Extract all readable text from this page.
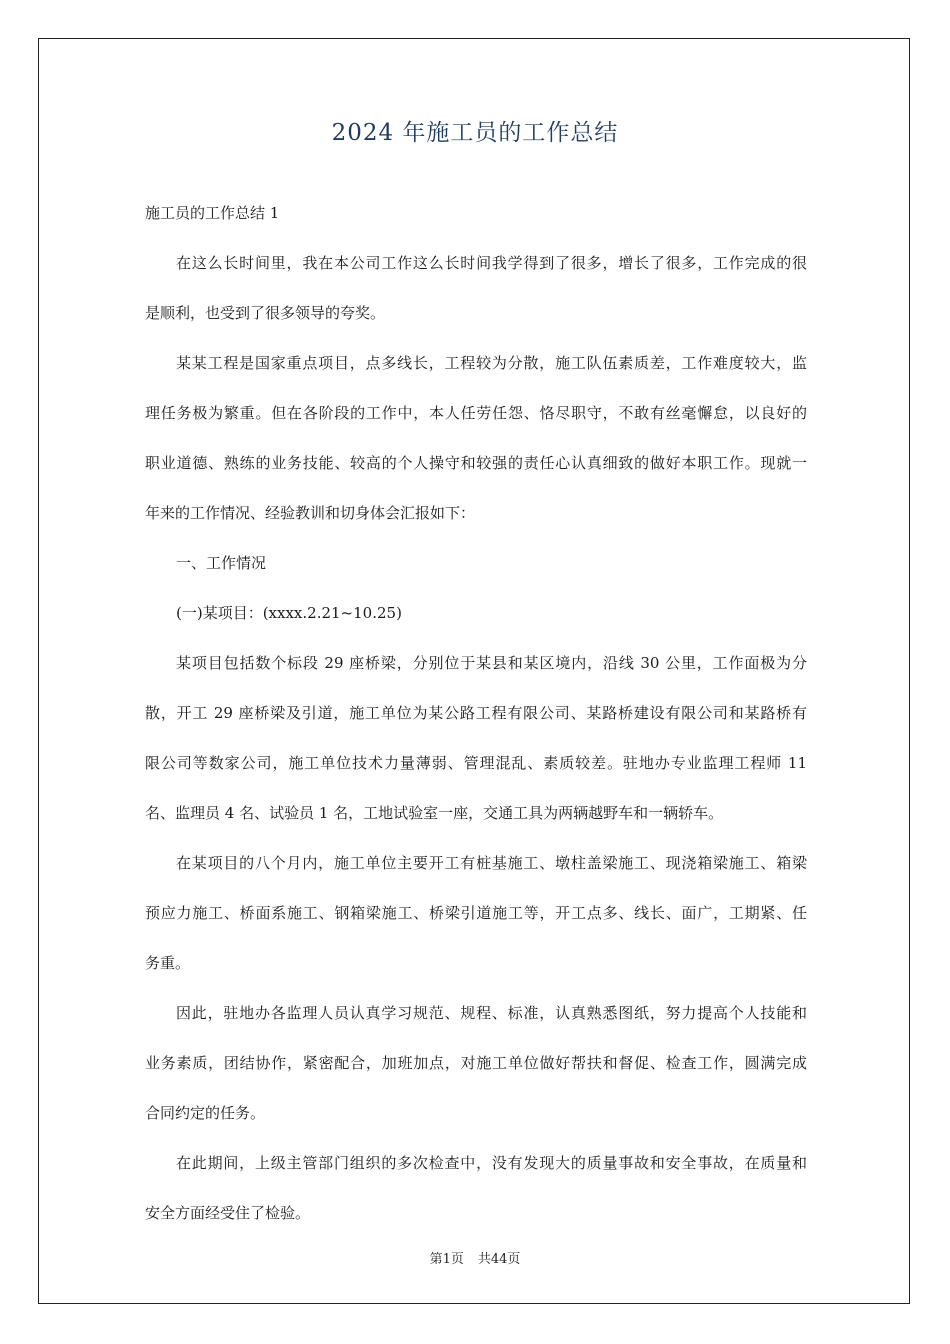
2024 年施工员的工作总结

施工员的工作总结 1

在这么长时间里，我在本公司工作这么长时间我学得到了很多，增长了很多，工作完成的很

是顺利，也受到了很多领导的夸奖。

某某工程是国家重点项目，点多线长，工程较为分散，施工队伍素质差，工作难度较大，监

理任务极为繁重。但在各阶段的工作中，本人任劳任怨、恪尽职守，不敢有丝毫懈怠，以良好的

职业道德、熟练的业务技能、较高的个人操守和较强的责任心认真细致的做好本职工作。现就一

年来的工作情况、经验教训和切身体会汇报如下：

一、工作情况

(一)某项目：(xxxx.2.21~10.25)

某项目包括数个标段 29 座桥梁，分别位于某县和某区境内，沿线 30 公里，工作面极为分

散，开工 29 座桥梁及引道，施工单位为某公路工程有限公司、某路桥建设有限公司和某路桥有

限公司等数家公司，施工单位技术力量薄弱、管理混乱、素质较差。驻地办专业监理工程师 11

名、监理员 4 名、试验员 1 名，工地试验室一座，交通工具为两辆越野车和一辆轿车。

在某项目的八个月内，施工单位主要开工有桩基施工、墩柱盖梁施工、现浇箱梁施工、箱梁

预应力施工、桥面系施工、钢箱梁施工、桥梁引道施工等，开工点多、线长、面广，工期紧、任

务重。

因此，驻地办各监理人员认真学习规范、规程、标准，认真熟悉图纸，努力提高个人技能和

业务素质，团结协作，紧密配合，加班加点，对施工单位做好帮扶和督促、检查工作，圆满完成

合同约定的任务。

在此期间，上级主管部门组织的多次检查中，没有发现大的质量事故和安全事故，在质量和

安全方面经受住了检验。

第1页 共44页
